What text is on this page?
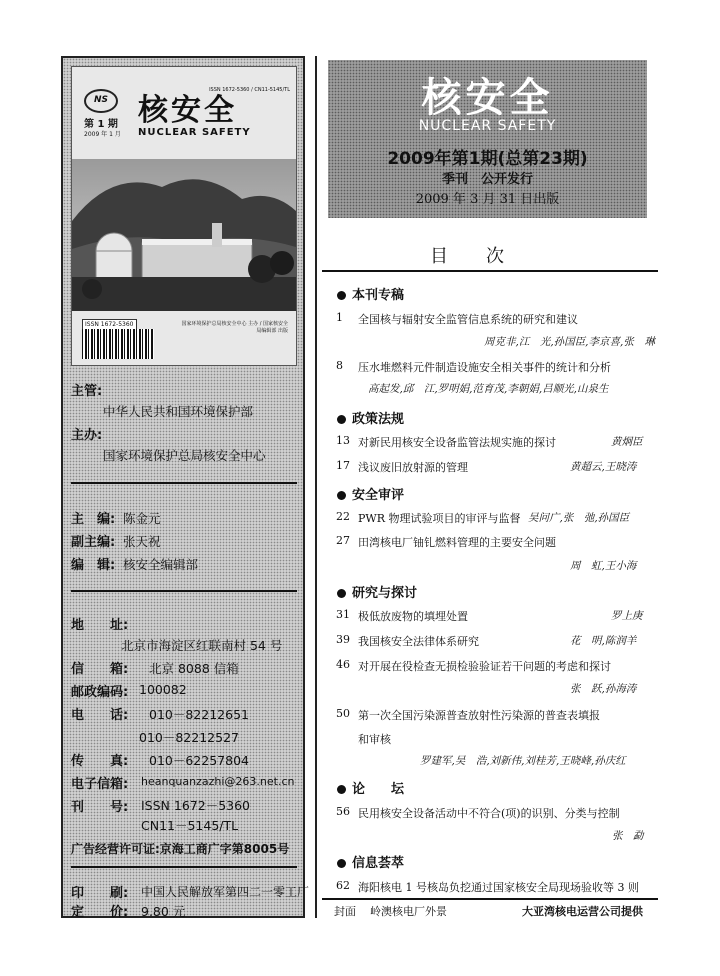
NS
第 1 期
2009 年 1 月
核安全
NUCLEAR SAFETY
ISSN 1672-5360 / CN11-5145/TL
ISSN 1672-5360	国家环境保护总局核安全中心 主办 / 国家核安全局编辑部 出版
主管:
中华人民共和国环境保护部
主办:
国家环境保护总局核安全中心
主　编: 陈金元
副主编: 张天祝
编　辑: 核安全编辑部
地　　址:
北京市海淀区红联南村 54 号
信　　箱: 北京 8088 信箱
邮政编码: 100082
电　　话: 010－82212651
010－82212527
传　　真: 010－62257804
电子信箱: heanquanzazhi@263.net.cn
刊　　号: ISSN 1672－5360
CN11－5145/TL
广告经营许可证:京海工商广字第8005号
印　　刷: 中国人民解放军第四二一零工厂
定　　价: 9.80 元
核安全
NUCLEAR SAFETY
2009年第1期(总第23期)
季刊　公开发行
2009 年 3 月 31 日出版
目次
本刊专稿
1 全国核与辐射安全监管信息系统的研究和建议
周克非,江　光,孙国臣,李京喜,张　琳
8 压水堆燃料元件制造设施安全相关事件的统计和分析
高起发,邱　江,罗明娟,范育茂,李朝娟,吕顺光,山泉生
政策法规
13 对新民用核安全设备监管法规实施的探讨	黄炯臣
17 浅议废旧放射源的管理	黄超云,王晓涛
安全审评
22 PWR 物理试验项目的审评与监督 吴问广,张　弛,孙国臣
27 田湾核电厂铀钆燃料管理的主要安全问题
周　虹,王小海
研究与探讨
31 极低放废物的填埋处置	罗上庚
39 我国核安全法律体系研究	花　明,陈润羊
46 对开展在役检查无损检验验证若干问题的考虑和探讨
张　跃,孙海涛
50 第一次全国污染源普查放射性污染源的普查表填报
和审核
罗建军,吴　浩,刘新伟,刘桂芳,王晓峰,孙庆红
论　　坛
56 民用核安全设备活动中不符合(项)的识别、分类与控制
张　勐
信息荟萃
62 海阳核电 1 号核岛负挖通过国家核安全局现场验收等 3 则
封面 岭澳核电厂外景	大亚湾核电运营公司提供
